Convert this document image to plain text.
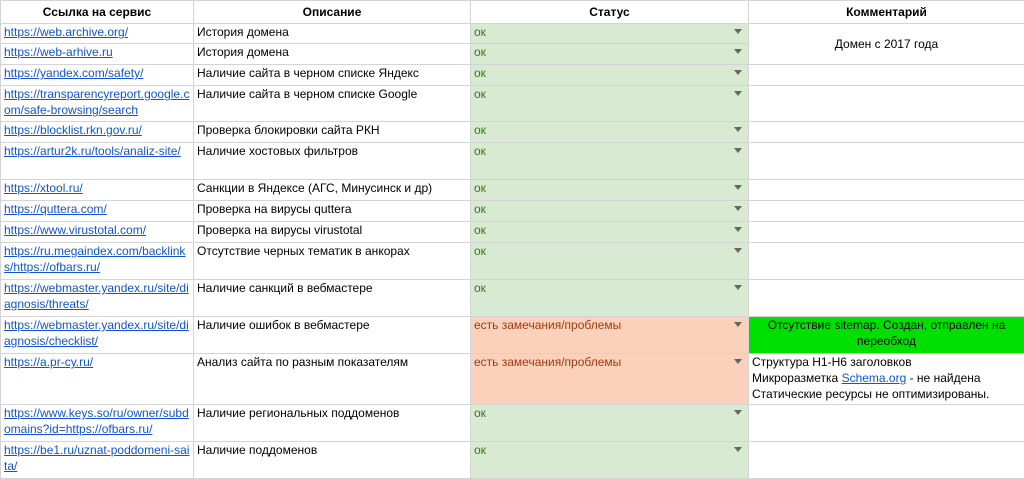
Ссылка на сервис	Описание	Статус	Комментарий
https://web.archive.org/	История домена	ок	Домен с 2017 года
https://web-arhive.ru	История домена	ок	

https://yandex.com/safety/	Наличие сайта в черном списке Яндекс	ок

https://transparencyreport.google.com/safe-browsing/search	Наличие сайта в черном списке Google	ок

https://blocklist.rkn.gov.ru/	Проверка блокировки сайта РКН	ок

https://artur2k.ru/tools/analiz-site/	Наличие хостовых фильтров	ок

https://xtool.ru/	Санкции в Яндексе (АГС, Минусинск и др)	ок

https://quttera.com/	Проверка на вирусы quttera	ок

https://www.virustotal.com/	Проверка на вирусы virustotal	ок

https://ru.megaindex.com/backlinks/https://ofbars.ru/	Отсутствие черных тематик в анкорах	ок

https://webmaster.yandex.ru/site/diagnosis/threats/	Наличие санкций в вебмастере	ок

https://webmaster.yandex.ru/site/diagnosis/checklist/	Наличие ошибок в вебмастере	есть замечания/проблемы	Отсутствие sitemap. Создан, отправлен на переобход
https://a.pr-cy.ru/	Анализ сайта по разным показателям	есть замечания/проблемы	Структура H1-H6 заголовков
Микроразметка Schema.org - не найдена
Статические ресурсы не оптимизированы.

https://www.keys.so/ru/owner/subdomains?id=https://ofbars.ru/	Наличие региональных поддоменов	ок

https://be1.ru/uznat-poddomeni-saita/	Наличие поддоменов	ок
